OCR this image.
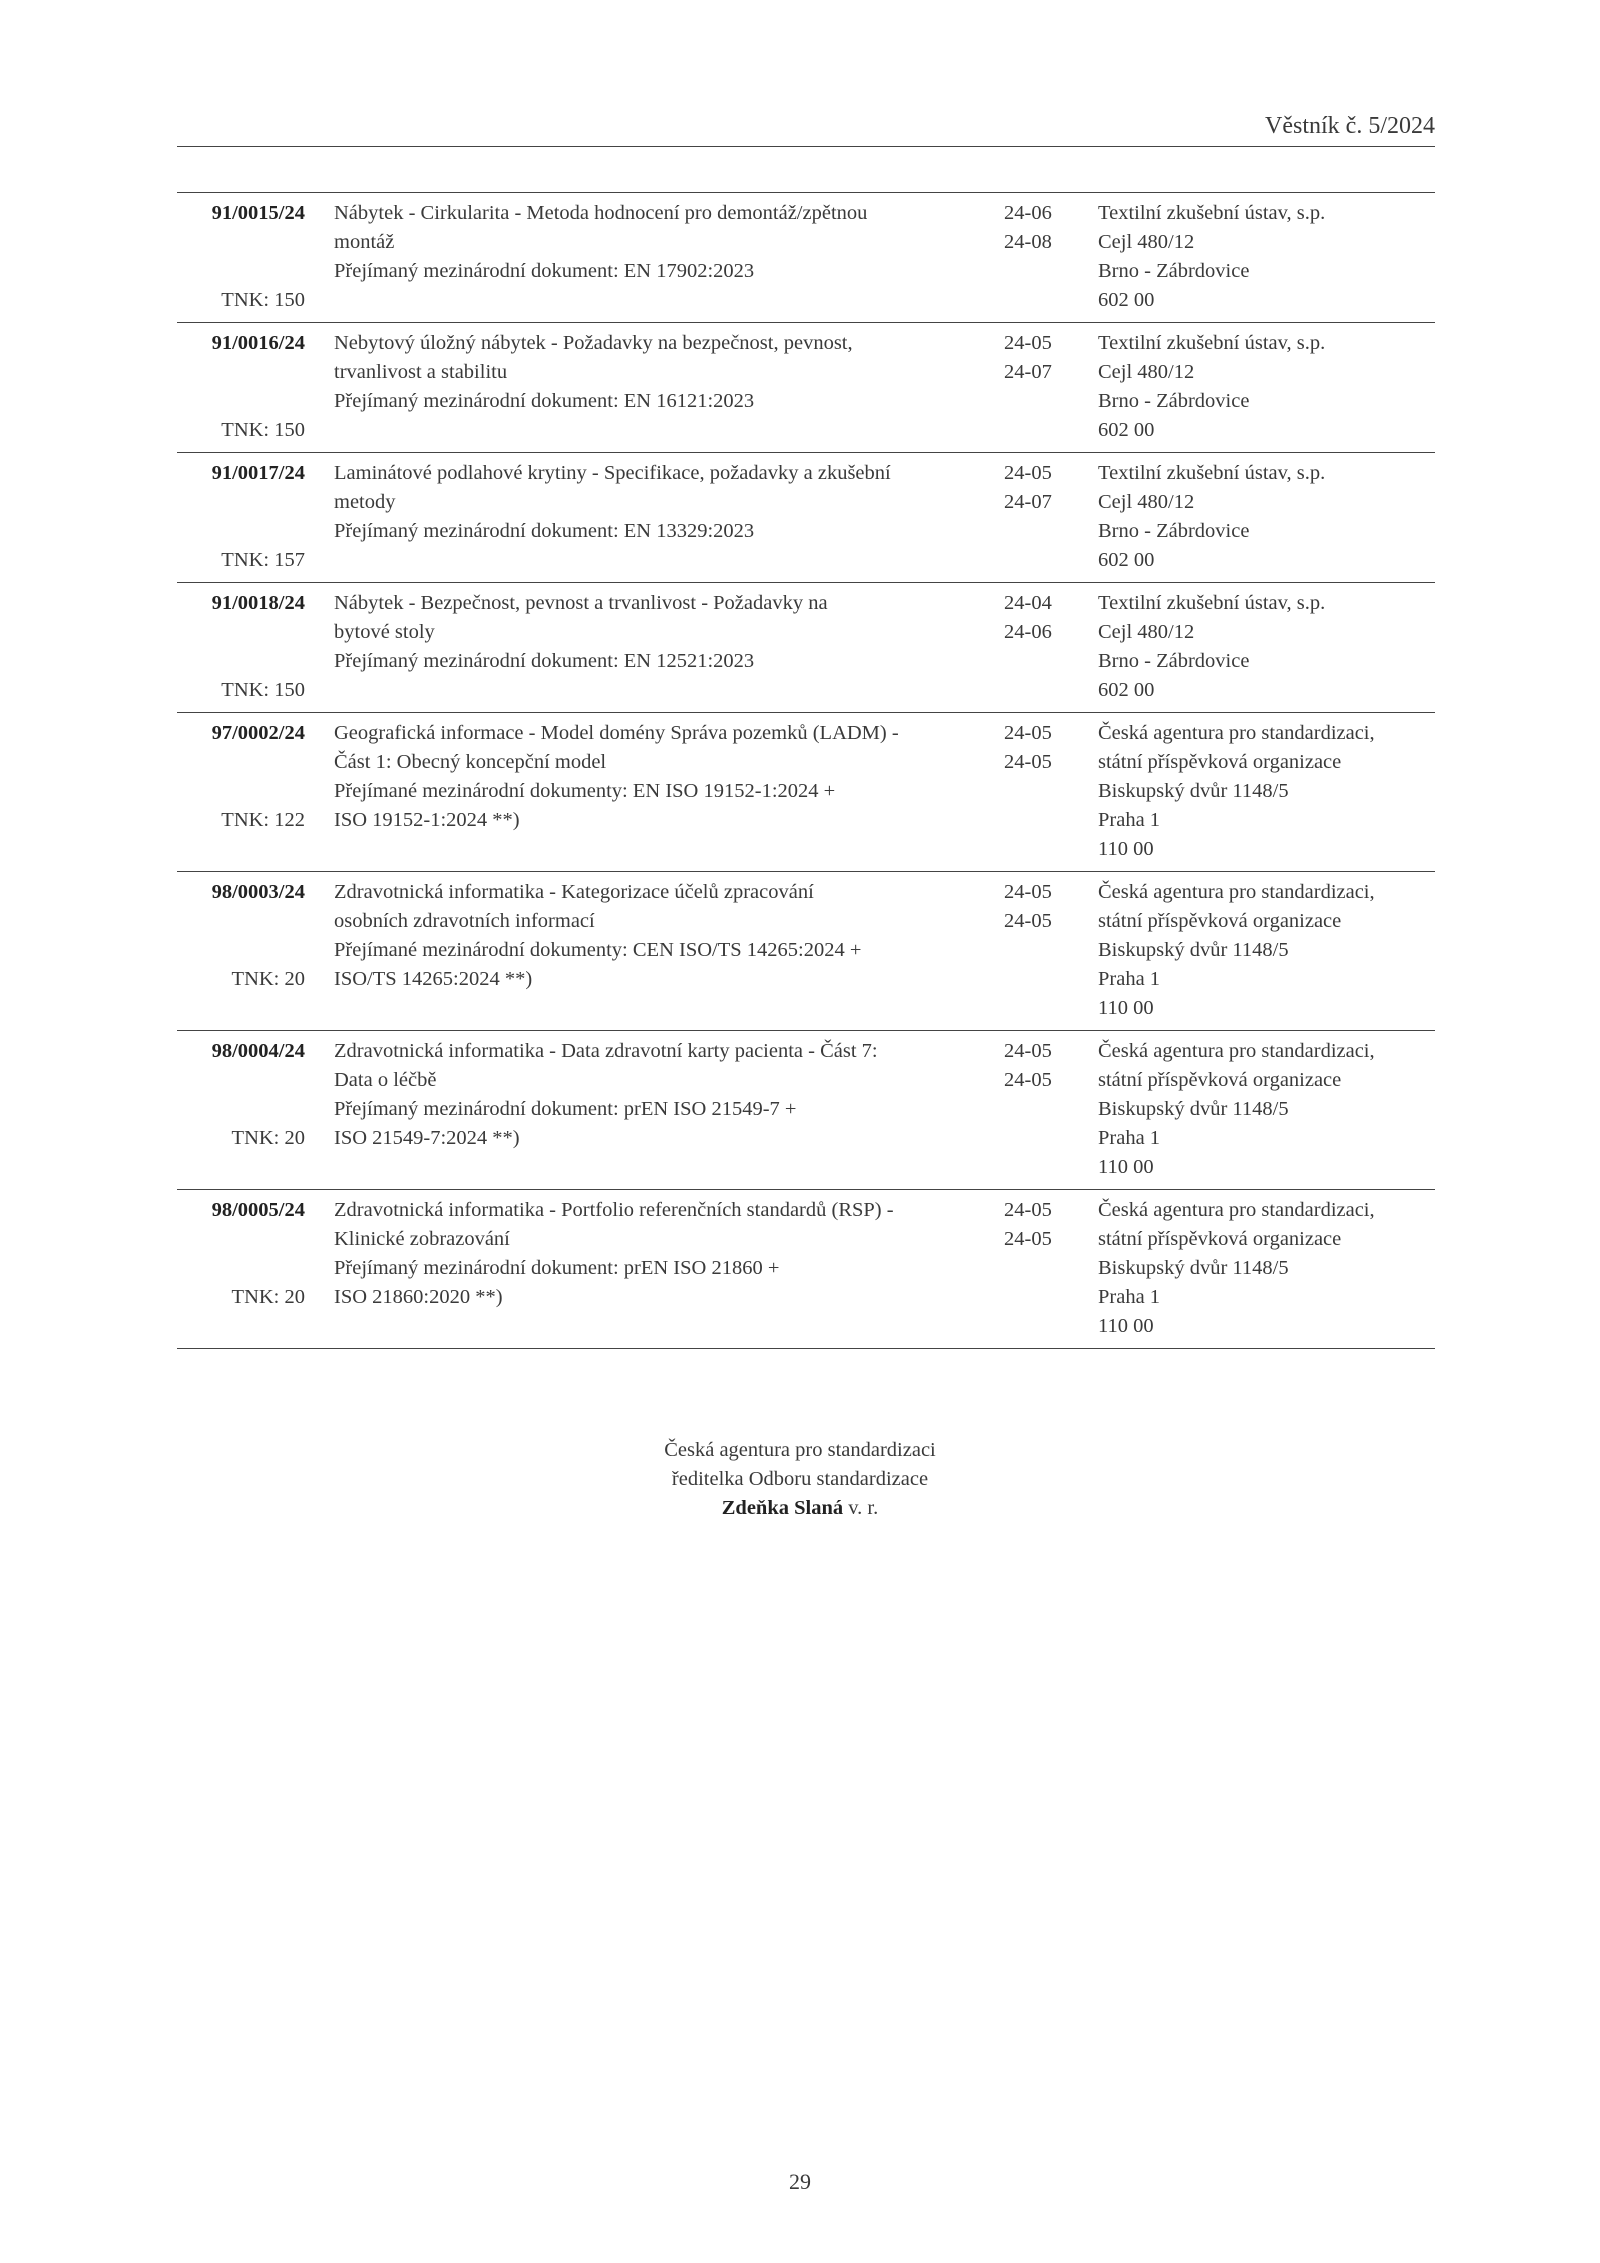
Věstník č. 5/2024
91/0015/24
TNK: 150
Nábytek - Cirkularita - Metoda hodnocení pro demontáž/zpětnou
montáž
Přejímaný mezinárodní dokument: EN 17902:2023
24-06
24-08
Textilní zkušební ústav, s.p.
Cejl 480/12
Brno - Zábrdovice
602 00
91/0016/24
TNK: 150
Nebytový úložný nábytek - Požadavky na bezpečnost, pevnost,
trvanlivost a stabilitu
Přejímaný mezinárodní dokument: EN 16121:2023
24-05
24-07
Textilní zkušební ústav, s.p.
Cejl 480/12
Brno - Zábrdovice
602 00
91/0017/24
TNK: 157
Laminátové podlahové krytiny - Specifikace, požadavky a zkušební
metody
Přejímaný mezinárodní dokument: EN 13329:2023
24-05
24-07
Textilní zkušební ústav, s.p.
Cejl 480/12
Brno - Zábrdovice
602 00
91/0018/24
TNK: 150
Nábytek - Bezpečnost, pevnost a trvanlivost - Požadavky na
bytové stoly
Přejímaný mezinárodní dokument: EN 12521:2023
24-04
24-06
Textilní zkušební ústav, s.p.
Cejl 480/12
Brno - Zábrdovice
602 00
97/0002/24
TNK: 122
Geografická informace - Model domény Správa pozemků (LADM) -
Část 1: Obecný koncepční model
Přejímané mezinárodní dokumenty: EN ISO 19152-1:2024 +
ISO 19152-1:2024 **)
24-05
24-05
Česká agentura pro standardizaci,
státní příspěvková organizace
Biskupský dvůr 1148/5
Praha 1
110 00
98/0003/24
TNK: 20
Zdravotnická informatika - Kategorizace účelů zpracování
osobních zdravotních informací
Přejímané mezinárodní dokumenty: CEN ISO/TS 14265:2024 +
ISO/TS 14265:2024 **)
24-05
24-05
Česká agentura pro standardizaci,
státní příspěvková organizace
Biskupský dvůr 1148/5
Praha 1
110 00
98/0004/24
TNK: 20
Zdravotnická informatika - Data zdravotní karty pacienta - Část 7:
Data o léčbě
Přejímaný mezinárodní dokument: prEN ISO 21549-7 +
ISO 21549-7:2024 **)
24-05
24-05
Česká agentura pro standardizaci,
státní příspěvková organizace
Biskupský dvůr 1148/5
Praha 1
110 00
98/0005/24
TNK: 20
Zdravotnická informatika - Portfolio referenčních standardů (RSP) -
Klinické zobrazování
Přejímaný mezinárodní dokument: prEN ISO 21860 +
ISO 21860:2020 **)
24-05
24-05
Česká agentura pro standardizaci,
státní příspěvková organizace
Biskupský dvůr 1148/5
Praha 1
110 00
Česká agentura pro standardizaci
ředitelka Odboru standardizace
Zdeňka Slaná v. r.
29
